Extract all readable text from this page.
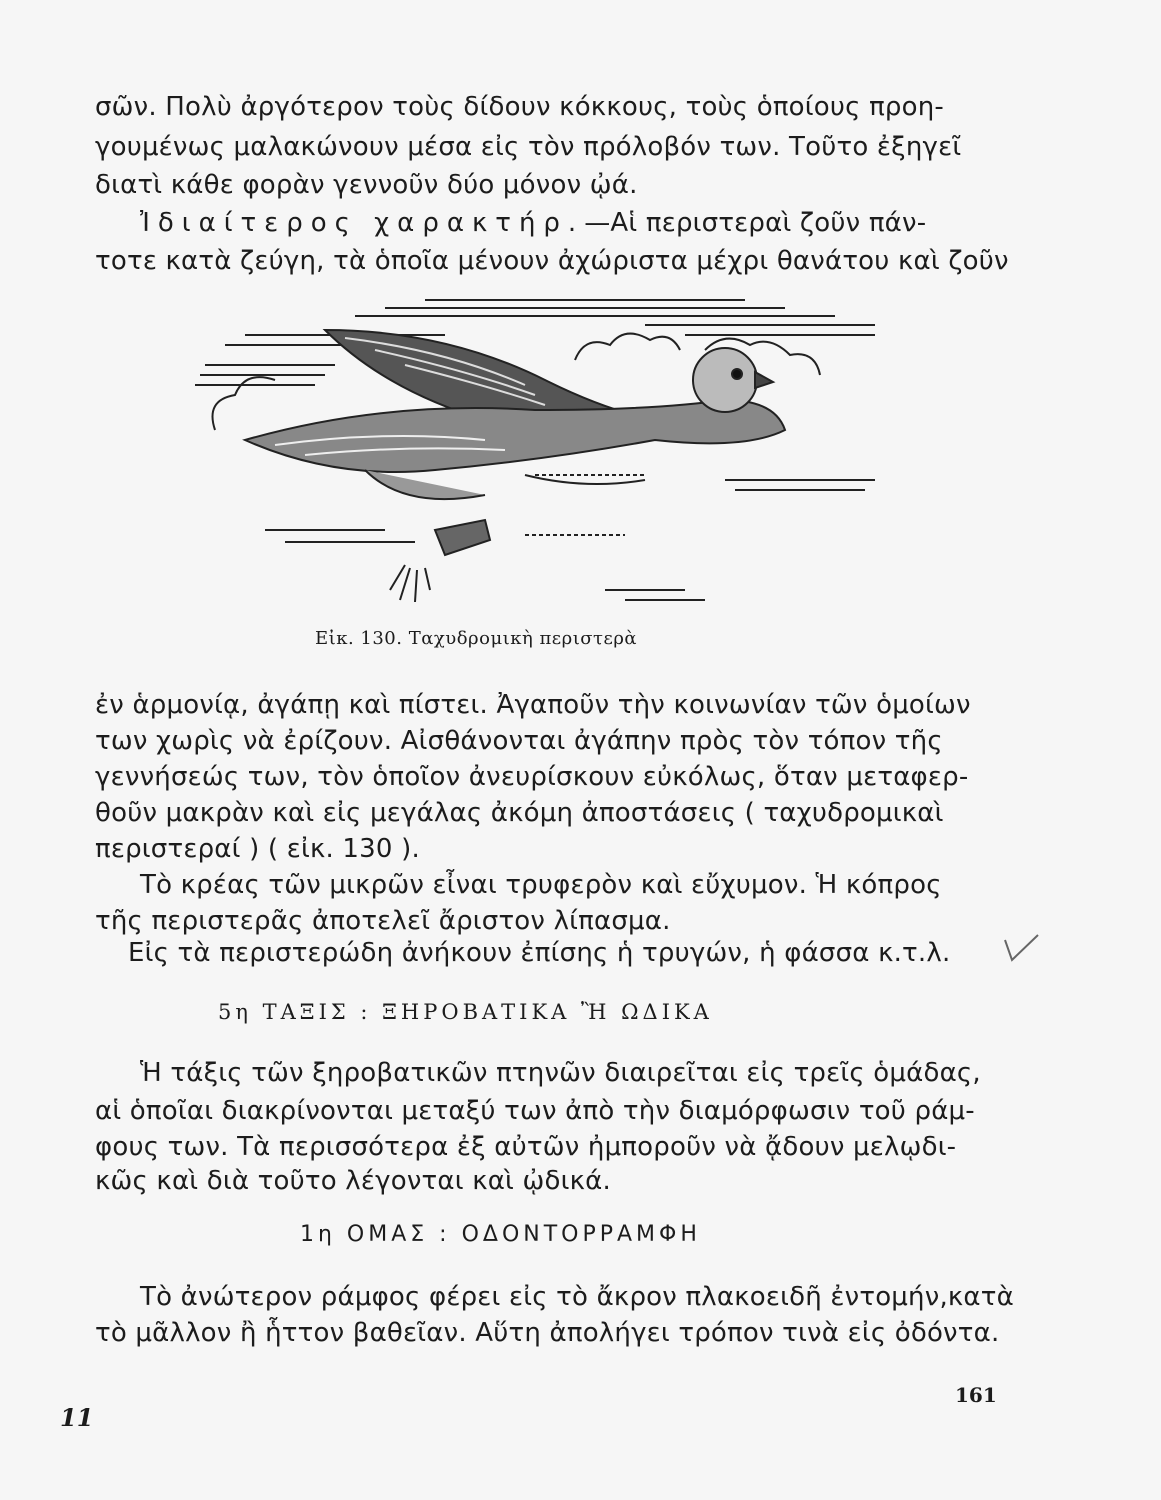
σῶν. Πολὺ ἀργότερον τοὺς δίδουν κόκκους, τοὺς ὁποίους προη-
γουμένως μαλακώνουν μέσα εἰς τὸν πρόλοβόν των. Τοῦτο ἐξηγεῖ
διατὶ κάθε φορὰν γεννοῦν δύο μόνον ᾠά.
Ἰδιαίτερος χαρακτήρ.—Αἱ περιστεραὶ ζοῦν πάν-
τοτε κατὰ ζεύγη, τὰ ὁποῖα μένουν ἀχώριστα μέχρι θανάτου καὶ ζοῦν
Εἰκ. 130. Ταχυδρομικὴ περιστερὰ
ἐν ἁρμονίᾳ, ἀγάπῃ καὶ πίστει. Ἀγαποῦν τὴν κοινωνίαν τῶν ὁμοίων
των χωρὶς νὰ ἐρίζουν. Αἰσθάνονται ἀγάπην πρὸς τὸν τόπον τῆς
γεννήσεώς των, τὸν ὁποῖον ἀνευρίσκουν εὐκόλως, ὅταν μεταφερ-
θοῦν μακρὰν καὶ εἰς μεγάλας ἀκόμη ἀποστάσεις ( ταχυδρομικαὶ
περιστεραί ) ( εἰκ. 130 ).
Τὸ κρέας τῶν μικρῶν εἶναι τρυφερὸν καὶ εὔχυμον. Ἡ κόπρος
τῆς περιστερᾶς ἀποτελεῖ ἄριστον λίπασμα.
Εἰς τὰ περιστερώδη ἀνήκουν ἐπίσης ἡ τρυγών, ἡ φάσσα κ.τ.λ.
5η ΤΑΞΙΣ : ΞΗΡΟΒΑΤΙΚΑ Ἢ ΩΔΙΚΑ
Ἡ τάξις τῶν ξηροβατικῶν πτηνῶν διαιρεῖται εἰς τρεῖς ὁμάδας,
αἱ ὁποῖαι διακρίνονται μεταξύ των ἀπὸ τὴν διαμόρφωσιν τοῦ ράμ-
φους των. Τὰ περισσότερα ἐξ αὐτῶν ἠμποροῦν νὰ ᾄδουν μελῳδι-
κῶς καὶ διὰ τοῦτο λέγονται καὶ ᾠδικά.
1η ΟΜΑΣ : ΟΔΟΝΤΟΡΡΑΜΦΗ
Τὸ ἀνώτερον ράμφος φέρει εἰς τὸ ἄκρον πλακοειδῆ ἐντομήν,κατὰ
τὸ μᾶλλον ἢ ἧττον βαθεῖαν. Αὕτη ἀπολήγει τρόπον τινὰ εἰς ὀδόντα.
161
11
